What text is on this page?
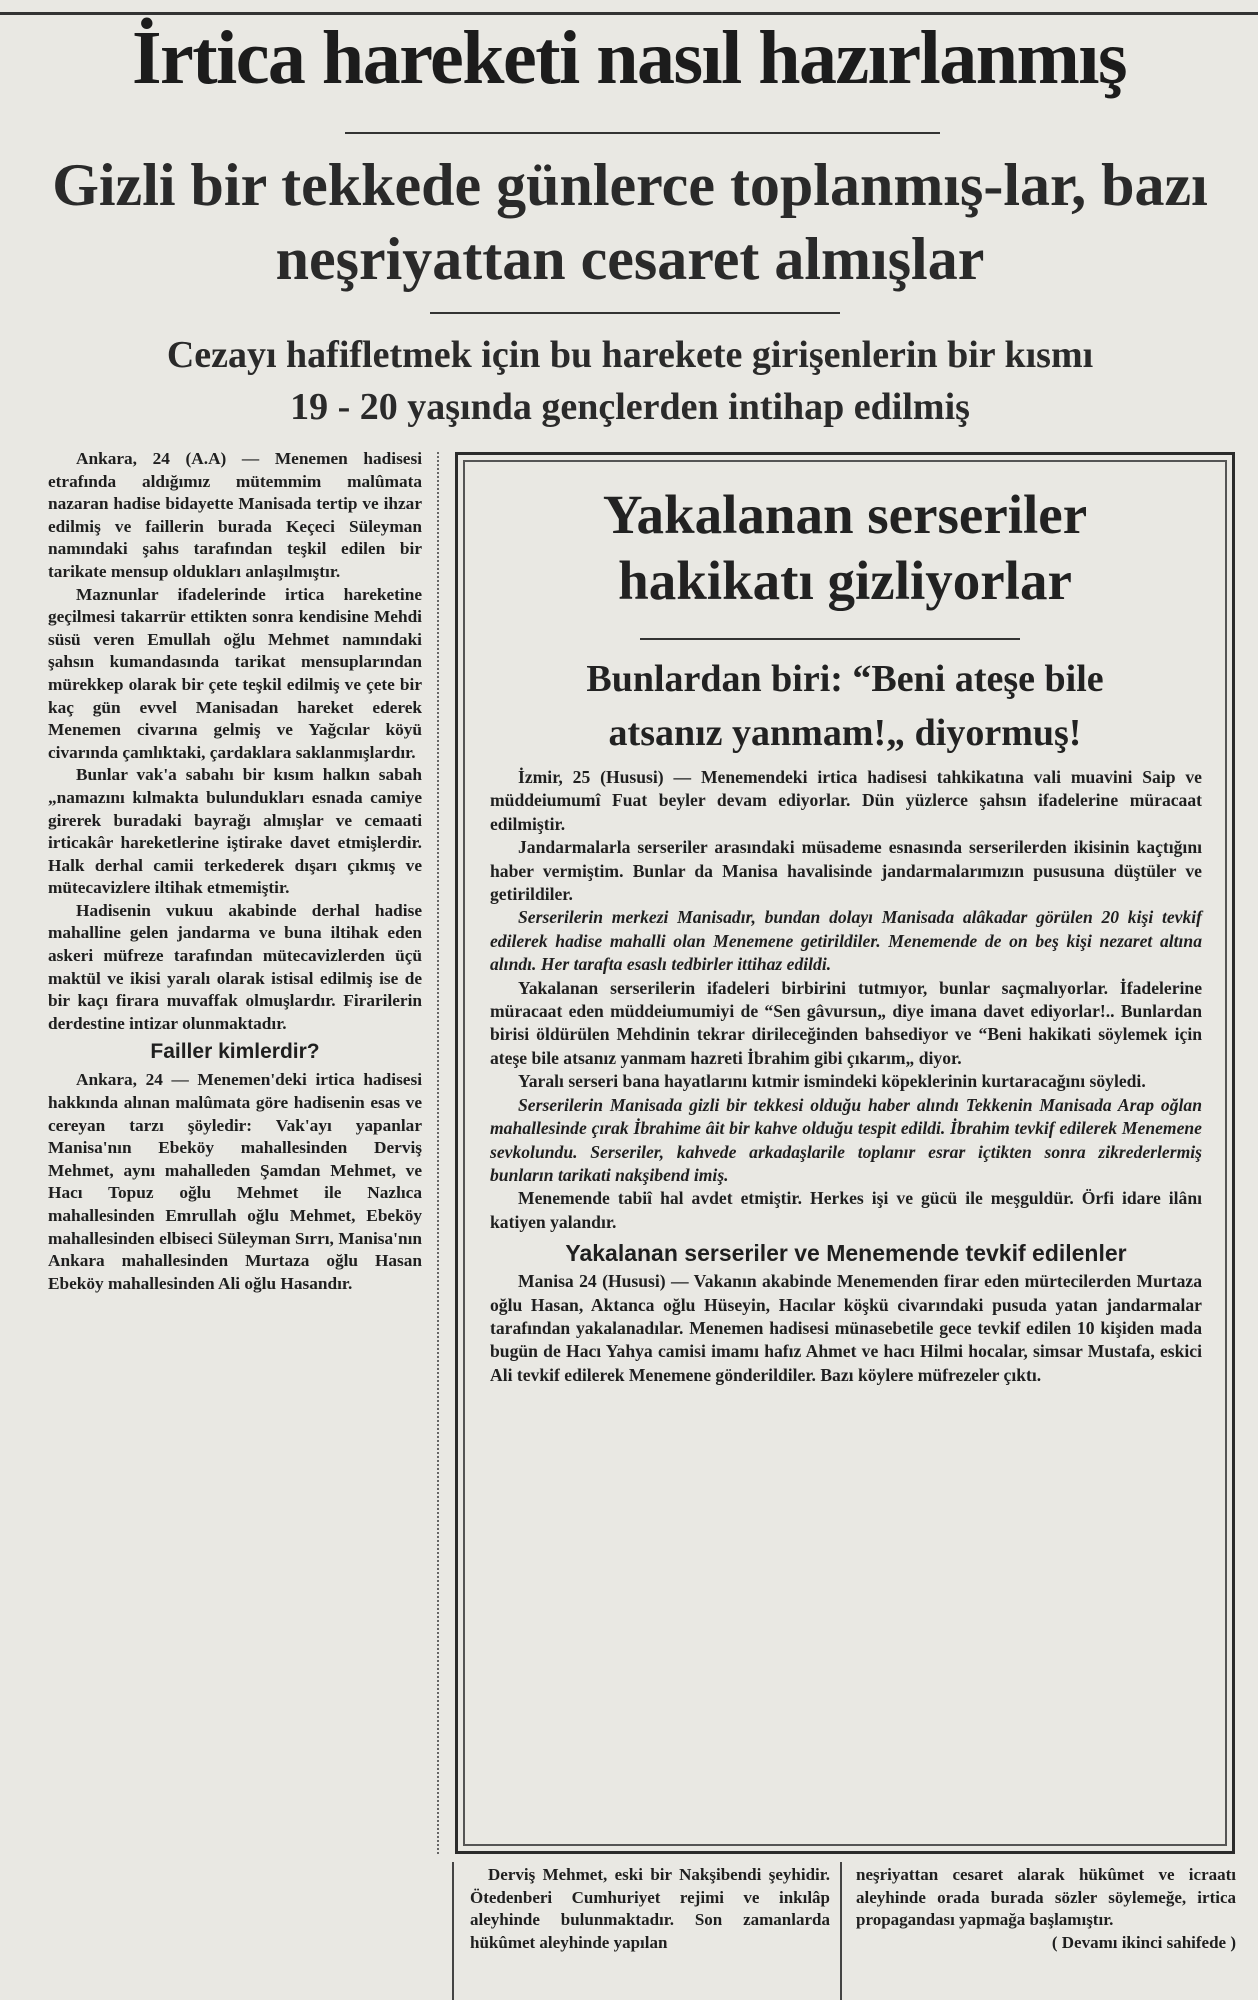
İrtica hareketi nasıl hazırlanmış
Gizli bir tekkede günlerce toplanmış-lar, bazı neşriyattan cesaret almışlar
Cezayı hafifletmek için bu harekete girişenlerin bir kısmı
19 - 20 yaşında gençlerden intihap edilmiş

Ankara, 24 (A.A) — Menemen hadisesi etrafında aldığımız mütemmim malûmata nazaran hadise bidayette Manisada tertip ve ihzar edilmiş ve faillerin burada Keçeci Süleyman namındaki şahıs tarafından teşkil edilen bir tarikate mensup oldukları anlaşılmıştır.

Maznunlar ifadelerinde irtica hareketine geçilmesi takarrür ettikten sonra kendisine Mehdi süsü veren Emullah oğlu Mehmet namındaki şahsın kumandasında tarikat mensuplarından mürekkep olarak bir çete teşkil edilmiş ve çete bir kaç gün evvel Manisadan hareket ederek Menemen civarına gelmiş ve Yağcılar köyü civarında çamlıktaki, çardaklara saklanmışlardır.

Bunlar vak'a sabahı bir kısım halkın sabah „namazını kılmakta bulundukları esnada camiye girerek buradaki bayrağı almışlar ve cemaati irticakâr hareketlerine iştirake davet etmişlerdir. Halk derhal camii terkederek dışarı çıkmış ve mütecavizlere iltihak etmemiştir.

Hadisenin vukuu akabinde derhal hadise mahalline gelen jandarma ve buna iltihak eden askeri müfreze tarafından mütecavizlerden üçü maktül ve ikisi yaralı olarak istisal edilmiş ise de bir kaçı firara muvaffak olmuşlardır. Firarilerin derdestine intizar olunmaktadır.

Failler kimlerdir?

Ankara, 24 — Menemen'deki irtica hadisesi hakkında alınan malûmata göre hadisenin esas ve cereyan tarzı şöyledir: Vak'ayı yapanlar Manisa'nın Ebeköy mahallesinden Derviş Mehmet, aynı mahalleden Şamdan Mehmet, ve Hacı Topuz oğlu Mehmet ile Nazlıca mahallesinden Emrullah oğlu Mehmet, Ebeköy mahallesinden elbiseci Süleyman Sırrı, Manisa'nın Ankara mahallesinden Murtaza oğlu Hasan Ebeköy mahallesinden Ali oğlu Hasandır.

Yakalanan serseriler
hakikatı gizliyorlar
Bunlardan biri: “Beni ateşe bile
atsanız yanmam!„ diyormuş!

İzmir, 25 (Hususi) — Menemendeki irtica hadisesi tahkikatına vali muavini Saip ve müddeiumumî Fuat beyler devam ediyorlar. Dün yüzlerce şahsın ifadelerine müracaat edilmiştir.

Jandarmalarla serseriler arasındaki müsademe esnasında serserilerden ikisinin kaçtığını haber vermiştim. Bunlar da Manisa havalisinde jandarmalarımızın pususuna düştüler ve getirildiler.

Serserilerin merkezi Manisadır, bundan dolayı Manisada alâkadar görülen 20 kişi tevkif edilerek hadise mahalli olan Menemene getirildiler. Menemende de on beş kişi nezaret altına alındı. Her tarafta esaslı tedbirler ittihaz edildi.

Yakalanan serserilerin ifadeleri birbirini tutmıyor, bunlar saçmalıyorlar. İfadelerine müracaat eden müddeiumumiyi de “Sen gâvursun„ diye imana davet ediyorlar!.. Bunlardan birisi öldürülen Mehdinin tekrar dirileceğinden bahsediyor ve “Beni hakikati söylemek için ateşe bile atsanız yanmam hazreti İbrahim gibi çıkarım„ diyor.

Yaralı serseri bana hayatlarını kıtmir ismindeki köpeklerinin kurtaracağını söyledi.

Serserilerin Manisada gizli bir tekkesi olduğu haber alındı Tekkenin Manisada Arap oğlan mahallesinde çırak İbrahime âit bir kahve olduğu tespit edildi. İbrahim tevkif edilerek Menemene sevkolundu. Serseriler, kahvede arkadaşlarile toplanır esrar içtikten sonra zikrederlermiş bunların tarikati nakşibend imiş.

Menemende tabiî hal avdet etmiştir. Herkes işi ve gücü ile meşguldür. Örfi idare ilânı katiyen yalandır.

Yakalanan serseriler ve Menemende tevkif edilenler

Manisa 24 (Hususi) — Vakanın akabinde Menemenden firar eden mürtecilerden Murtaza oğlu Hasan, Aktanca oğlu Hüseyin, Hacılar köşkü civarındaki pusuda yatan jandarmalar tarafından yakalanadılar. Menemen hadisesi münasebetile gece tevkif edilen 10 kişiden mada bugün de Hacı Yahya camisi imamı hafız Ahmet ve hacı Hilmi hocalar, simsar Mustafa, eskici Ali tevkif edilerek Menemene gönderildiler. Bazı köylere müfrezeler çıktı.

Derviş Mehmet, eski bir Nakşibendi şeyhidir. Ötedenberi Cumhuriyet rejimi ve inkılâp aleyhinde bulunmaktadır. Son zamanlarda hükûmet aleyhinde yapılan

neşriyattan cesaret alarak hükûmet ve icraatı aleyhinde orada burada sözler söylemeğe, irtica propagandası yapmağa başlamıştır.

( Devamı ikinci sahifede )
